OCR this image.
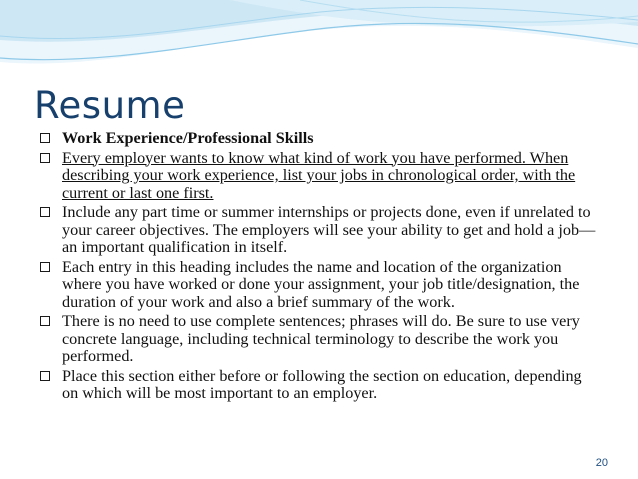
Resume
Work Experience/Professional Skills
Every employer wants to know what kind of work you have performed. When describing your work experience, list your jobs in chronological order, with the current or last one first.
Include any part time or summer internships or projects done, even if unrelated to your career objectives. The employers will see your ability to get and hold a job—an important qualification in itself.
Each entry in this heading includes the name and location of the organization where you have worked or done your assignment, your job title/designation, the duration of your work and also a brief summary of the work.
There is no need to use complete sentences; phrases will do. Be sure to use very concrete language, including technical terminology to describe the work you performed.
Place this section either before or following the section on education, depending on which will be most important to an employer.
20
